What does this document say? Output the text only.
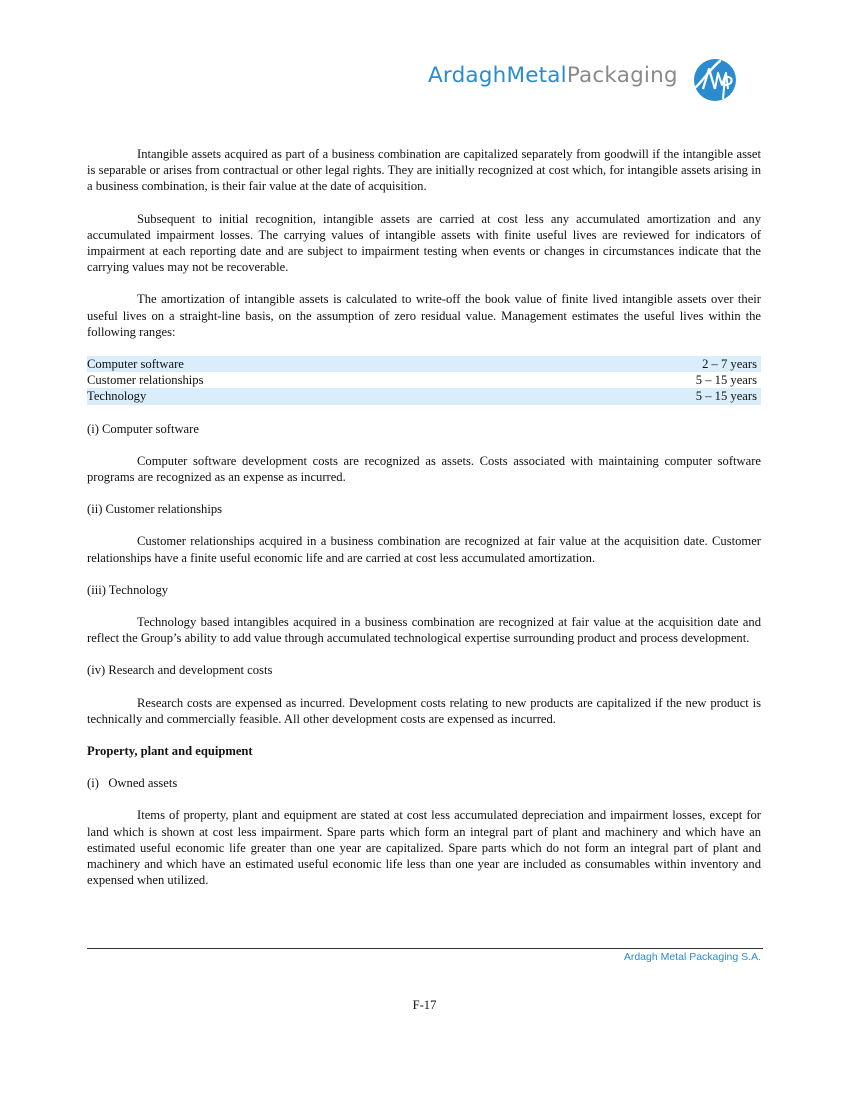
ArdaghMetalPackaging

Intangible assets acquired as part of a business combination are capitalized separately from goodwill if the intangible asset is separable or arises from contractual or other legal rights. They are initially recognized at cost which, for intangible assets arising in a business combination, is their fair value at the date of acquisition.

Subsequent to initial recognition, intangible assets are carried at cost less any accumulated amortization and any accumulated impairment losses. The carrying values of intangible assets with finite useful lives are reviewed for indicators of impairment at each reporting date and are subject to impairment testing when events or changes in circumstances indicate that the carrying values may not be recoverable.

The amortization of intangible assets is calculated to write-off the book value of finite lived intangible assets over their useful lives on a straight-line basis, on the assumption of zero residual value. Management estimates the useful lives within the following ranges:

Computer software	2 – 7 years
Customer relationships	5 – 15 years
Technology	5 – 15 years

(i) Computer software

Computer software development costs are recognized as assets. Costs associated with maintaining computer software programs are recognized as an expense as incurred.

(ii) Customer relationships

Customer relationships acquired in a business combination are recognized at fair value at the acquisition date. Customer relationships have a finite useful economic life and are carried at cost less accumulated amortization.

(iii) Technology

Technology based intangibles acquired in a business combination are recognized at fair value at the acquisition date and reflect the Group’s ability to add value through accumulated technological expertise surrounding product and process development.

(iv) Research and development costs

Research costs are expensed as incurred. Development costs relating to new products are capitalized if the new product is technically and commercially feasible. All other development costs are expensed as incurred.

Property, plant and equipment

(i)   Owned assets

Items of property, plant and equipment are stated at cost less accumulated depreciation and impairment losses, except for land which is shown at cost less impairment. Spare parts which form an integral part of plant and machinery and which have an estimated useful economic life greater than one year are capitalized. Spare parts which do not form an integral part of plant and machinery and which have an estimated useful economic life less than one year are included as consumables within inventory and expensed when utilized.

Ardagh Metal Packaging S.A.
F-17
